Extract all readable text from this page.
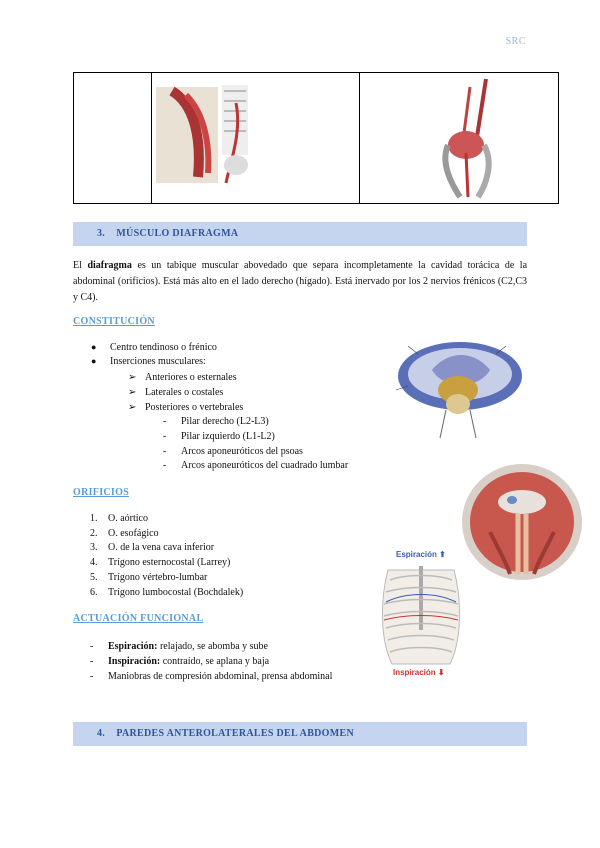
SRC

3. MÚSCULO DIAFRAGMA
El diafragma es un tabique muscular abovedado que separa incompletamente la cavidad torácica de la abdominal (orificios). Está más alto en el lado derecho (hígado). Está inervado por los 2 nervios frénicos (C2,C3 y C4).
CONSTITUCIÓN
● Centro tendinoso o frénico
● Inserciones musculares:
➢ Anteriores o esternales
➢ Laterales o costales
➢ Posteriores o vertebrales
- Pilar derecho (L2-L3)
- Pilar izquierdo (L1-L2)
- Arcos aponeuróticos del psoas
- Arcos aponeuróticos del cuadrado lumbar
Espiración ⬆
Inspiración ⬇
ORIFICIOS
1. O. aórtico
2. O. esofágico
3. O. de la vena cava inferior
4. Trígono esternocostal (Larrey)
5. Trígono vértebro-lumbar
6. Trígono lumbocostal (Bochdalek)
ACTUACIÓN FUNCIONAL
- Espiración: relajado, se abomba y sube
- Inspiración: contraído, se aplana y baja
- Maniobras de compresión abdominal, prensa abdominal
4. PAREDES ANTEROLATERALES DEL ABDOMEN
